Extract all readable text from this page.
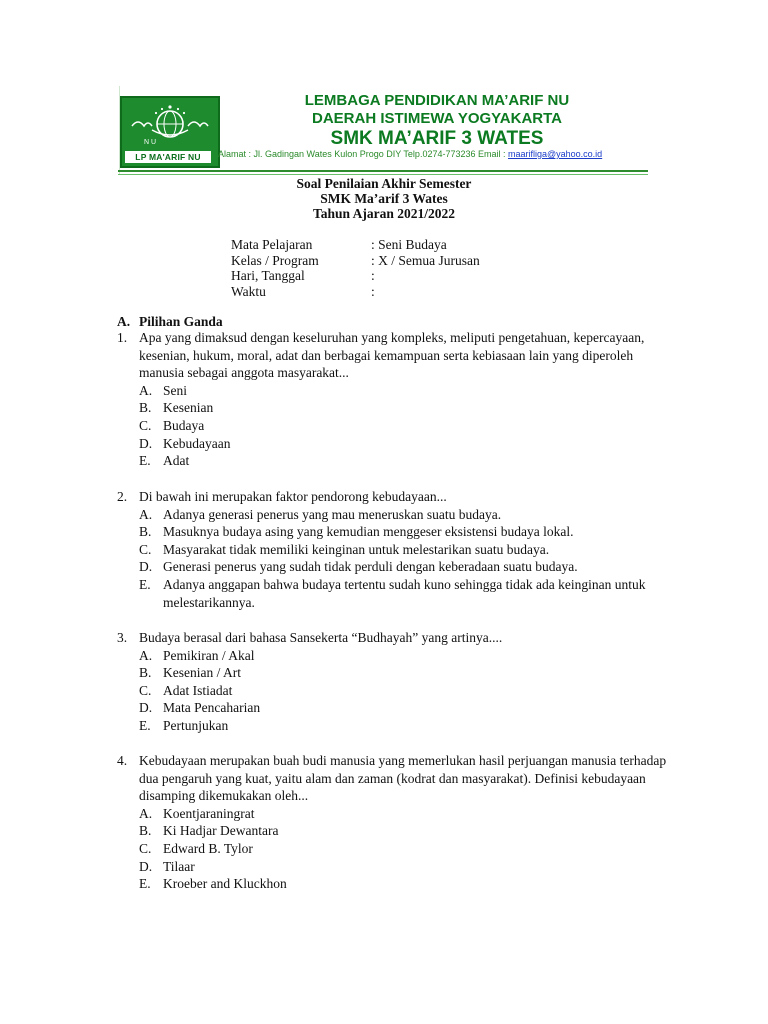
N U
LP MA'ARIF NU
LEMBAGA PENDIDIKAN MA’ARIF NU
DAERAH ISTIMEWA YOGYAKARTA
SMK MA’ARIF 3 WATES
Alamat : Jl. Gadingan Wates Kulon Progo DIY Telp.0274-773236 Email : maarifliga@yahoo.co.id
Soal Penilaian Akhir Semester
SMK Ma’arif 3 Wates
Tahun Ajaran 2021/2022
Mata Pelajaran	: Seni Budaya
Kelas / Program	: X / Semua Jurusan
Hari, Tanggal	:
Waktu	:
A. Pilihan Ganda
1. Apa yang dimaksud dengan keseluruhan yang kompleks, meliputi pengetahuan, kepercayaan, kesenian, hukum, moral, adat dan berbagai kemampuan serta kebiasaan lain yang diperoleh manusia sebagai anggota masyarakat...
A. Seni
B. Kesenian
C. Budaya
D. Kebudayaan
E. Adat
2. Di bawah ini merupakan faktor pendorong kebudayaan...
A. Adanya generasi penerus yang mau meneruskan suatu budaya.
B. Masuknya budaya asing yang kemudian menggeser eksistensi budaya lokal.
C. Masyarakat tidak memiliki keinginan untuk melestarikan suatu budaya.
D. Generasi penerus yang sudah tidak perduli dengan keberadaan suatu budaya.
E. Adanya anggapan bahwa budaya tertentu sudah kuno sehingga tidak ada keinginan untuk melestarikannya.
3. Budaya berasal dari bahasa Sansekerta “Budhayah” yang artinya....
A. Pemikiran / Akal
B. Kesenian / Art
C. Adat Istiadat
D. Mata Pencaharian
E. Pertunjukan
4. Kebudayaan merupakan buah budi manusia yang memerlukan hasil perjuangan manusia terhadap dua pengaruh yang kuat, yaitu alam dan zaman (kodrat dan masyarakat). Definisi kebudayaan disamping dikemukakan oleh...
A. Koentjaraningrat
B. Ki Hadjar Dewantara
C. Edward B. Tylor
D. Tilaar
E. Kroeber and Kluckhon
